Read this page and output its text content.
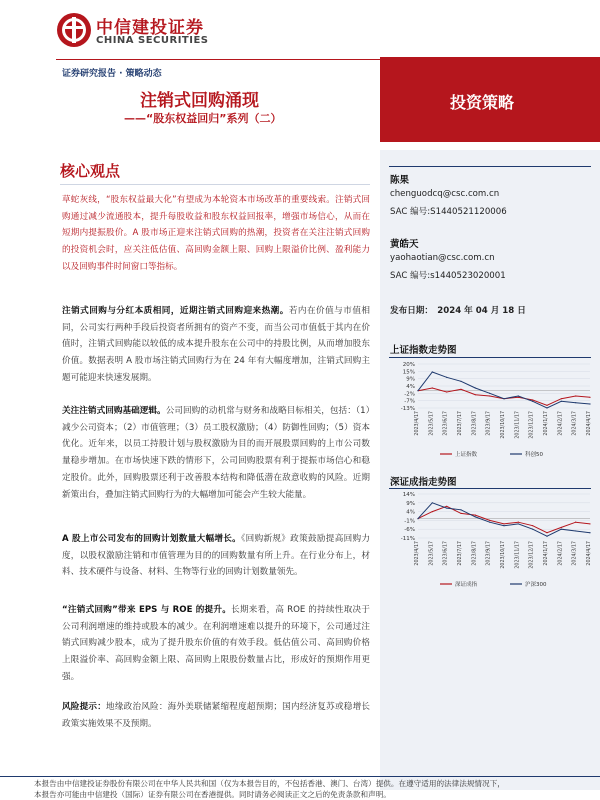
中信建投证券
CHINA SECURITIES
证券研究报告 · 策略动态
注销式回购涌现
——“股东权益回归”系列（二）
投资策略
核心观点

草蛇灰线，“股东权益最大化”有望成为本轮资本市场改革的重要线索。注销式回购通过减少流通股本，提升每股收益和股东权益回报率，增强市场信心，从而在短期内提振股价。A 股市场正迎来注销式回购的热潮，投资者在关注注销式回购的投资机会时，应关注低估值、高回购金额上限、回购上限溢价比例、盈利能力以及回购事件时间窗口等指标。

注销式回购与分红本质相同，近期注销式回购迎来热潮。若内在价值与市值相同，公司实行两种手段后投资者所拥有的资产不变，而当公司市值低于其内在价值时，注销式回购能以较低的成本提升股东在公司中的持股比例，从而增加股东价值。数据表明 A 股市场注销式回购行为在 24 年有大幅度增加，注销式回购主题可能迎来快速发展期。

关注注销式回购基础逻辑。公司回购的动机常与财务和战略目标相关，包括：（1）减少公司资本；（2）市值管理；（3）员工股权激励；（4）防御性回购；（5）资本优化。近年来，以员工持股计划与股权激励为目的而开展股票回购的上市公司数量稳步增加。在市场快速下跌的情形下，公司回购股票有利于提振市场信心和稳定股价。此外，回购股票还利于改善股本结构和降低潜在敌意收购的风险。近期新策出台，叠加注销式回购行为的大幅增加可能会产生较大能量。

A 股上市公司发布的回购计划数量大幅增长。《回购新规》政策鼓励提高回购力度，以股权激励注销和市值管理为目的的回购数量有所上升。在行业分布上，材料、技术硬件与设备、材料、生物等行业的回购计划数量领先。

“注销式回购”带来 EPS 与 ROE 的提升。长期来看，高 ROE 的持续性取决于公司利润增速的维持或股本的减少。在利润增速难以提升的环境下，公司通过注销式回购减少股本，成为了提升股东价值的有效手段。低估值公司、高回购价格上限溢价率、高回购金额上限、高回购上限股份数量占比，形成好的预期作用更强。

风险提示：地缘政治风险：海外美联储紧缩程度超预期；国内经济复苏或稳增长政策实施效果不及预期。

陈果
chenguodcq@csc.com.cn
SAC 编号:S1440521120006
黄皓天
yaohaotian@csc.com.cn
SAC 编号:s1440523020001
发布日期：　2024 年 04 月 18 日
上证指数走势图
20%
15%
9%
4%
-2%
-7%
-13%
2023/4/17 2023/5/17 2023/6/17 2023/7/17 2023/8/17 2023/9/17 2023/10/17 2023/11/17 2023/12/17 2024/1/17 2024/2/17 2024/3/17 2024/4/17
上证指数	科创50
深证成指走势图
14%
9%
4%
-1%
-6%
-11%
2023/4/17 2023/5/17 2023/6/17 2023/7/17 2023/8/17 2023/9/17 2023/10/17 2023/11/17 2023/12/17 2024/1/17 2024/2/17 2024/3/17 2024/4/17
深证成指	沪深300

本报告由中信建投证券股份有限公司在中华人民共和国（仅为本报告目的，不包括香港、澳门、台湾）提供。在遵守适用的法律法规情况下，
本报告亦可能由中信建投（国际）证券有限公司在香港提供。同时请务必阅读正文之后的免责条款和声明。
